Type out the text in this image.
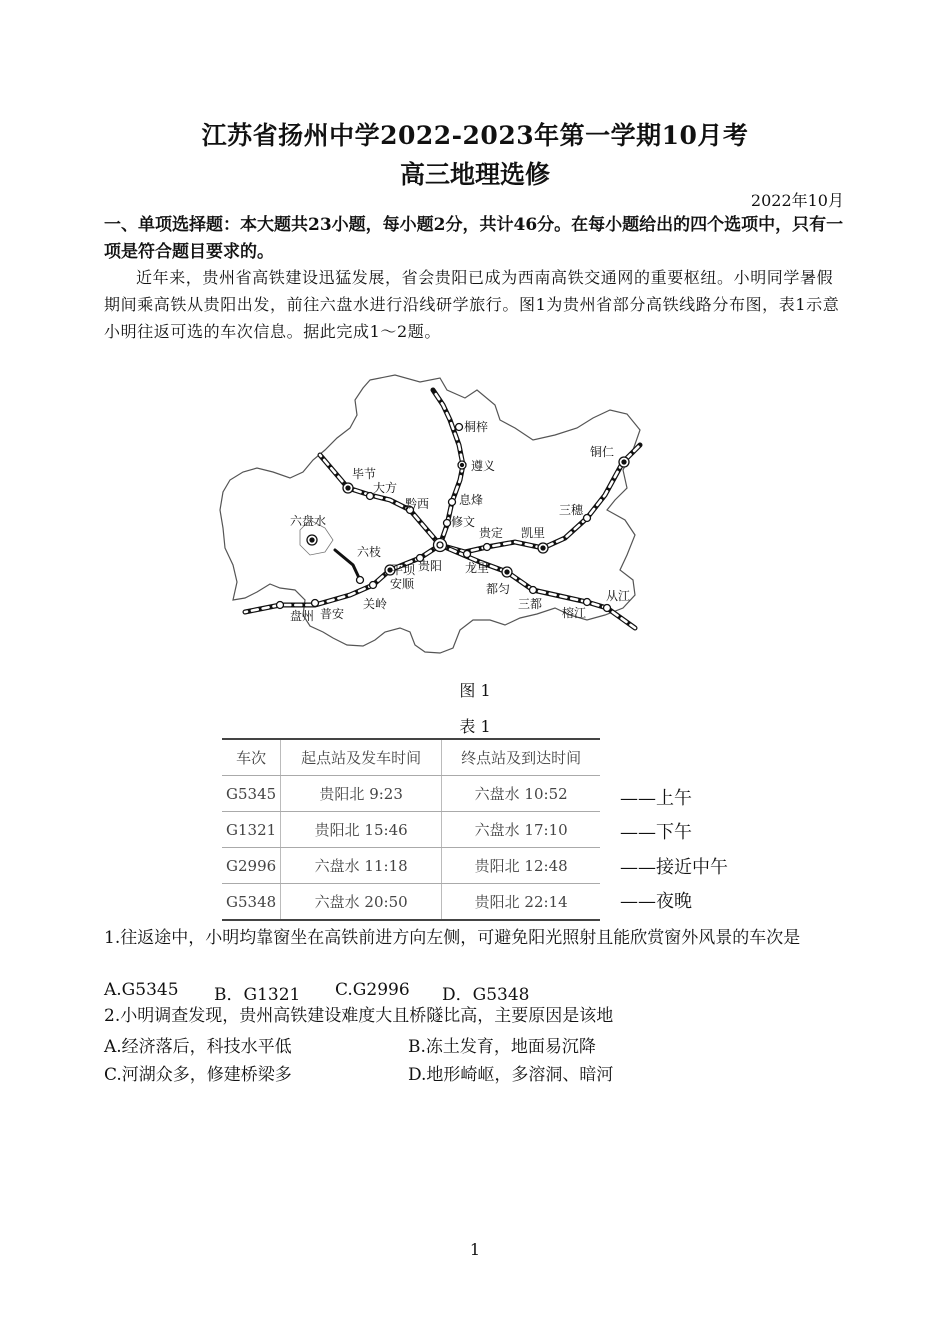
江苏省扬州中学2022-2023年第一学期10月考
高三地理选修
2022年10月
一、单项选择题：本大题共23小题，每小题2分，共计46分。在每小题给出的四个选项中，只有一项是符合题目要求的。
近年来，贵州省高铁建设迅猛发展，省会贵阳已成为西南高铁交通网的重要枢纽。小明同学暑假期间乘高铁从贵阳出发，前往六盘水进行沿线研学旅行。图1为贵州省部分高铁线路分布图，表1示意小明往返可选的车次信息。据此完成1～2题。
桐梓
遵义
铜仁
毕节
大方
黔西 息烽
修文
三穗
六盘水
六枝
贵定 凯里
平坝 贵阳 龙里
安顺	都匀
关岭
盘州 普安
三都
榕江
从江
图 1
表 1
车次	起点站及发车时间	终点站及到达时间
G5345	贵阳北 9:23	六盘水 10:52
G1321	贵阳北 15:46	六盘水 17:10
G2996	六盘水 11:18	贵阳北 12:48
G5348	六盘水 20:50	贵阳北 22:14
——上午
——下午
——接近中午
——夜晚
1.往返途中，小明均靠窗坐在高铁前进方向左侧，可避免阳光照射且能欣赏窗外风景的车次是
A.G5345 B．G1321 C.G2996 D．G5348
2.小明调查发现，贵州高铁建设难度大且桥隧比高，主要原因是该地
A.经济落后，科技水平低	B.冻土发育，地面易沉降
C.河湖众多，修建桥梁多	D.地形崎岖，多溶洞、暗河
1
